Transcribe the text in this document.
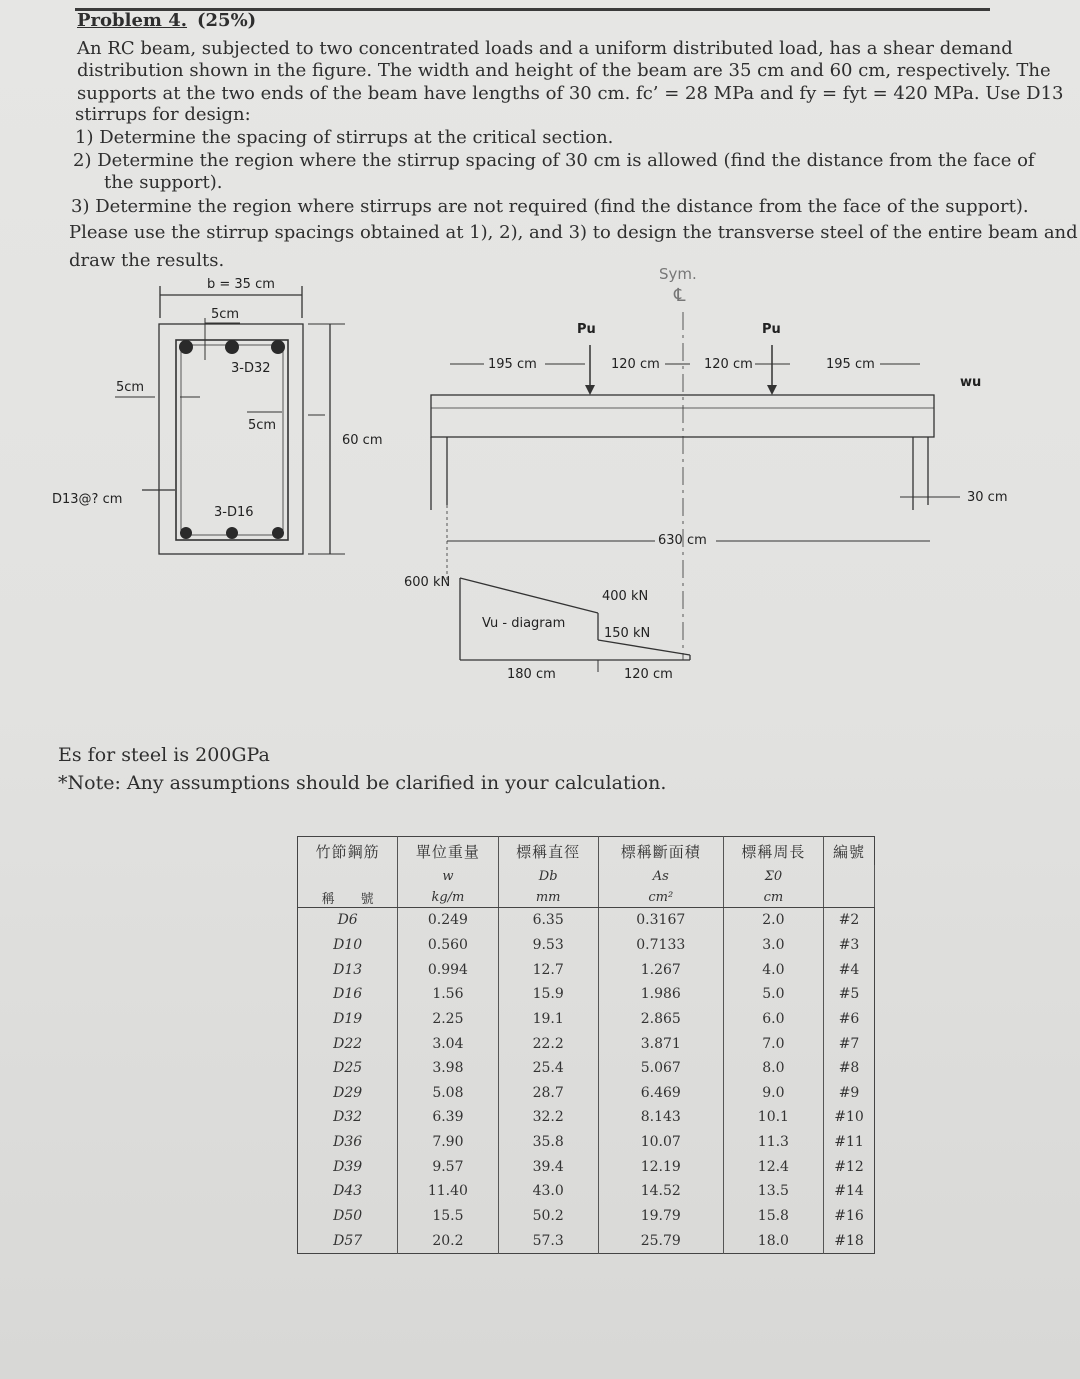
Problem 4. (25%)
An RC beam, subjected to two concentrated loads and a uniform distributed load, has a shear demand
distribution shown in the figure. The width and height of the beam are 35 cm and 60 cm, respectively. The
supports at the two ends of the beam have lengths of 30 cm. fc’ = 28 MPa and fy = fyt = 420 MPa. Use D13
stirrups for design:
1) Determine the spacing of stirrups at the critical section.
2) Determine the region where the stirrup spacing of 30 cm is allowed (find the distance from the face of
the support).
3) Determine the region where stirrups are not required (find the distance from the face of the support).
Please use the stirrup spacings obtained at 1), 2), and 3) to design the transverse steel of the entire beam and
draw the results.
b = 35 cm
5cm
5cm
3-D32
5cm
60 cm
D13@? cm
3-D16
Sym.
℄
Pu	Pu
195 cm	120 cm	120 cm	195 cm
wu
630 cm
30 cm
600 kN
400 kN
150 kN
Vu - diagram
180 cm	120 cm
Es for steel is 200GPa
*Note: Any assumptions should be clarified in your calculation.
竹節鋼筋	單位重量	標稱直徑	標稱斷面積	標稱周長	編號
	w	Db	As	Σ0	
稱　　號	kg/m	mm	cm²	cm	
D6	0.249	6.35	0.3167	2.0	#2
D10	0.560	9.53	0.7133	3.0	#3
D13	0.994	12.7	1.267	4.0	#4
D16	1.56	15.9	1.986	5.0	#5
D19	2.25	19.1	2.865	6.0	#6
D22	3.04	22.2	3.871	7.0	#7
D25	3.98	25.4	5.067	8.0	#8
D29	5.08	28.7	6.469	9.0	#9
D32	6.39	32.2	8.143	10.1	#10
D36	7.90	35.8	10.07	11.3	#11
D39	9.57	39.4	12.19	12.4	#12
D43	11.40	43.0	14.52	13.5	#14
D50	15.5	50.2	19.79	15.8	#16
D57	20.2	57.3	25.79	18.0	#18
